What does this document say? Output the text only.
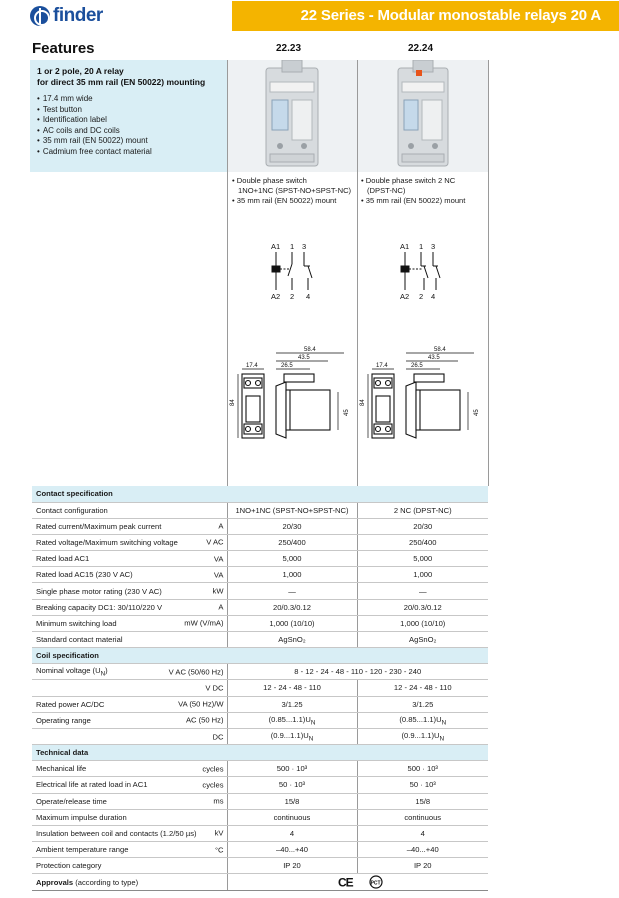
finder	22 Series - Modular monostable relays 20 A
Features	22.23	22.24
1 or 2 pole, 20 A relay
for direct 35 mm rail (EN 50022) mounting
• 17.4 mm wide
• Test button
• Identification label
• AC coils and DC coils
• 35 mm rail (EN 50022) mount
• Cadmium free contact material
• Double phase switch
1NO+1NC (SPST-NO+SPST-NC)
• 35 mm rail (EN 50022) mount
• Double phase switch 2 NC
(DPST-NC)
• 35 mm rail (EN 50022) mount
A1 1 3
A2 2 4
A1 1 3
A2 2 4
58.4
43.5
26.5
17.4
84
45
58.4
43.5
26.5
17.4
84
45
Contact specification		
Contact configuration	1NO+1NC (SPST-NO+SPST-NC)	2 NC (DPST-NC)
Rated current/Maximum peak current A	20/30	20/30
Rated voltage/Maximum switching voltage V AC	250/400	250/400
Rated load AC1 VA	5,000	5,000
Rated load AC15 (230 V AC) VA	1,000	1,000
Single phase motor rating (230 V AC) kW	—	—
Breaking capacity DC1: 30/110/220 V A	20/0.3/0.12	20/0.3/0.12
Minimum switching load mW (V/mA)	1,000 (10/10)	1,000 (10/10)
Standard contact material	AgSnO₂	AgSnO₂
Coil specification		
Nominal voltage $(U_N)$ V AC (50/60 Hz)	8 - 12 - 24 - 48 - 110 - 120 - 230 - 240	

V DC	12 - 24 - 48 - 110	12 - 24 - 48 - 110
Rated power AC/DC VA (50 Hz)/W	3/1.25	3/1.25
Operating range AC (50 Hz)	$(0.85...1.1)U_N$	$(0.85...1.1)U_N$

DC	$(0.9...1.1)U_N$	$(0.9...1.1)U_N$
Technical data		
Mechanical life cycles	500 · 10³	500 · 10³
Electrical life at rated load in AC1 cycles	50 · 10³	50 · 10³
Operate/release time ms	15/8	15/8
Maximum impulse duration	continuous	continuous
Insulation between coil and contacts (1.2/50 µs) kV	4	4
Ambient temperature range °C	–40...+40	–40...+40
Protection category	IP 20	IP 20
Approvals (according to type)	CE PCT	
